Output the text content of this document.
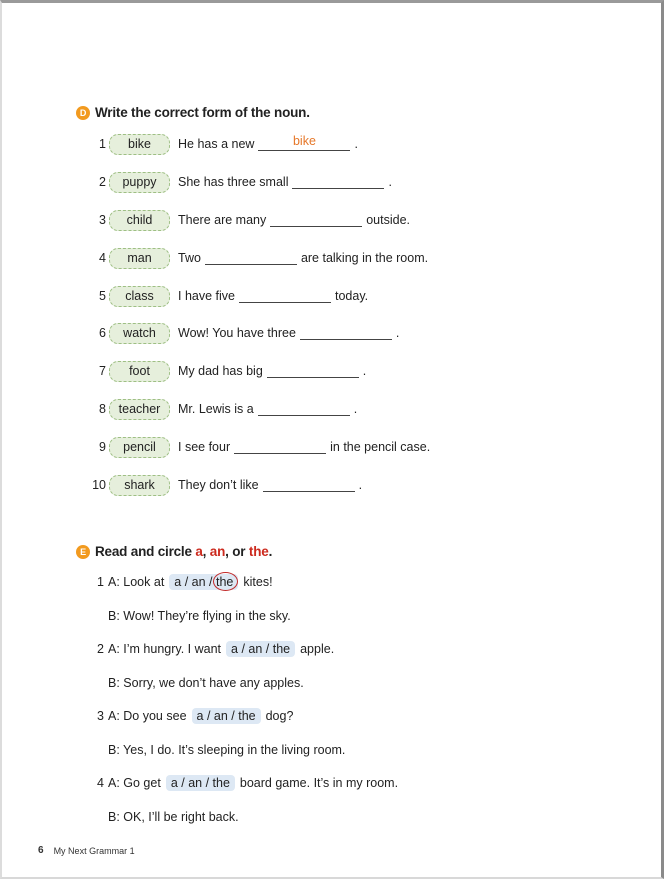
D Write the correct form of the noun.
1	bike	He has a new	bike	.
2	puppy	She has three small	.
3	child	There are many	outside.
4	man	Two	are talking in the room.
5	class	I have five	today.
6	watch	Wow! You have three	.
7	foot	My dad has big	.
8	teacher	Mr. Lewis is a	.
9	pencil	I see four	in the pencil case.
10	shark	They don’t like	.
E Read and circle
a ,
an , or
the .
1 A: Look at a / an / the kites!
B: Wow! They’re flying in the sky.
2 A: I’m hungry. I want a / an / the apple.
B: Sorry, we don’t have any apples.
3 A: Do you see a / an / the dog?
B: Yes, I do. It’s sleeping in the living room.
4 A: Go get a / an / the board game. It’s in my room.
B: OK, I’ll be right back.
6 My Next Grammar 1
